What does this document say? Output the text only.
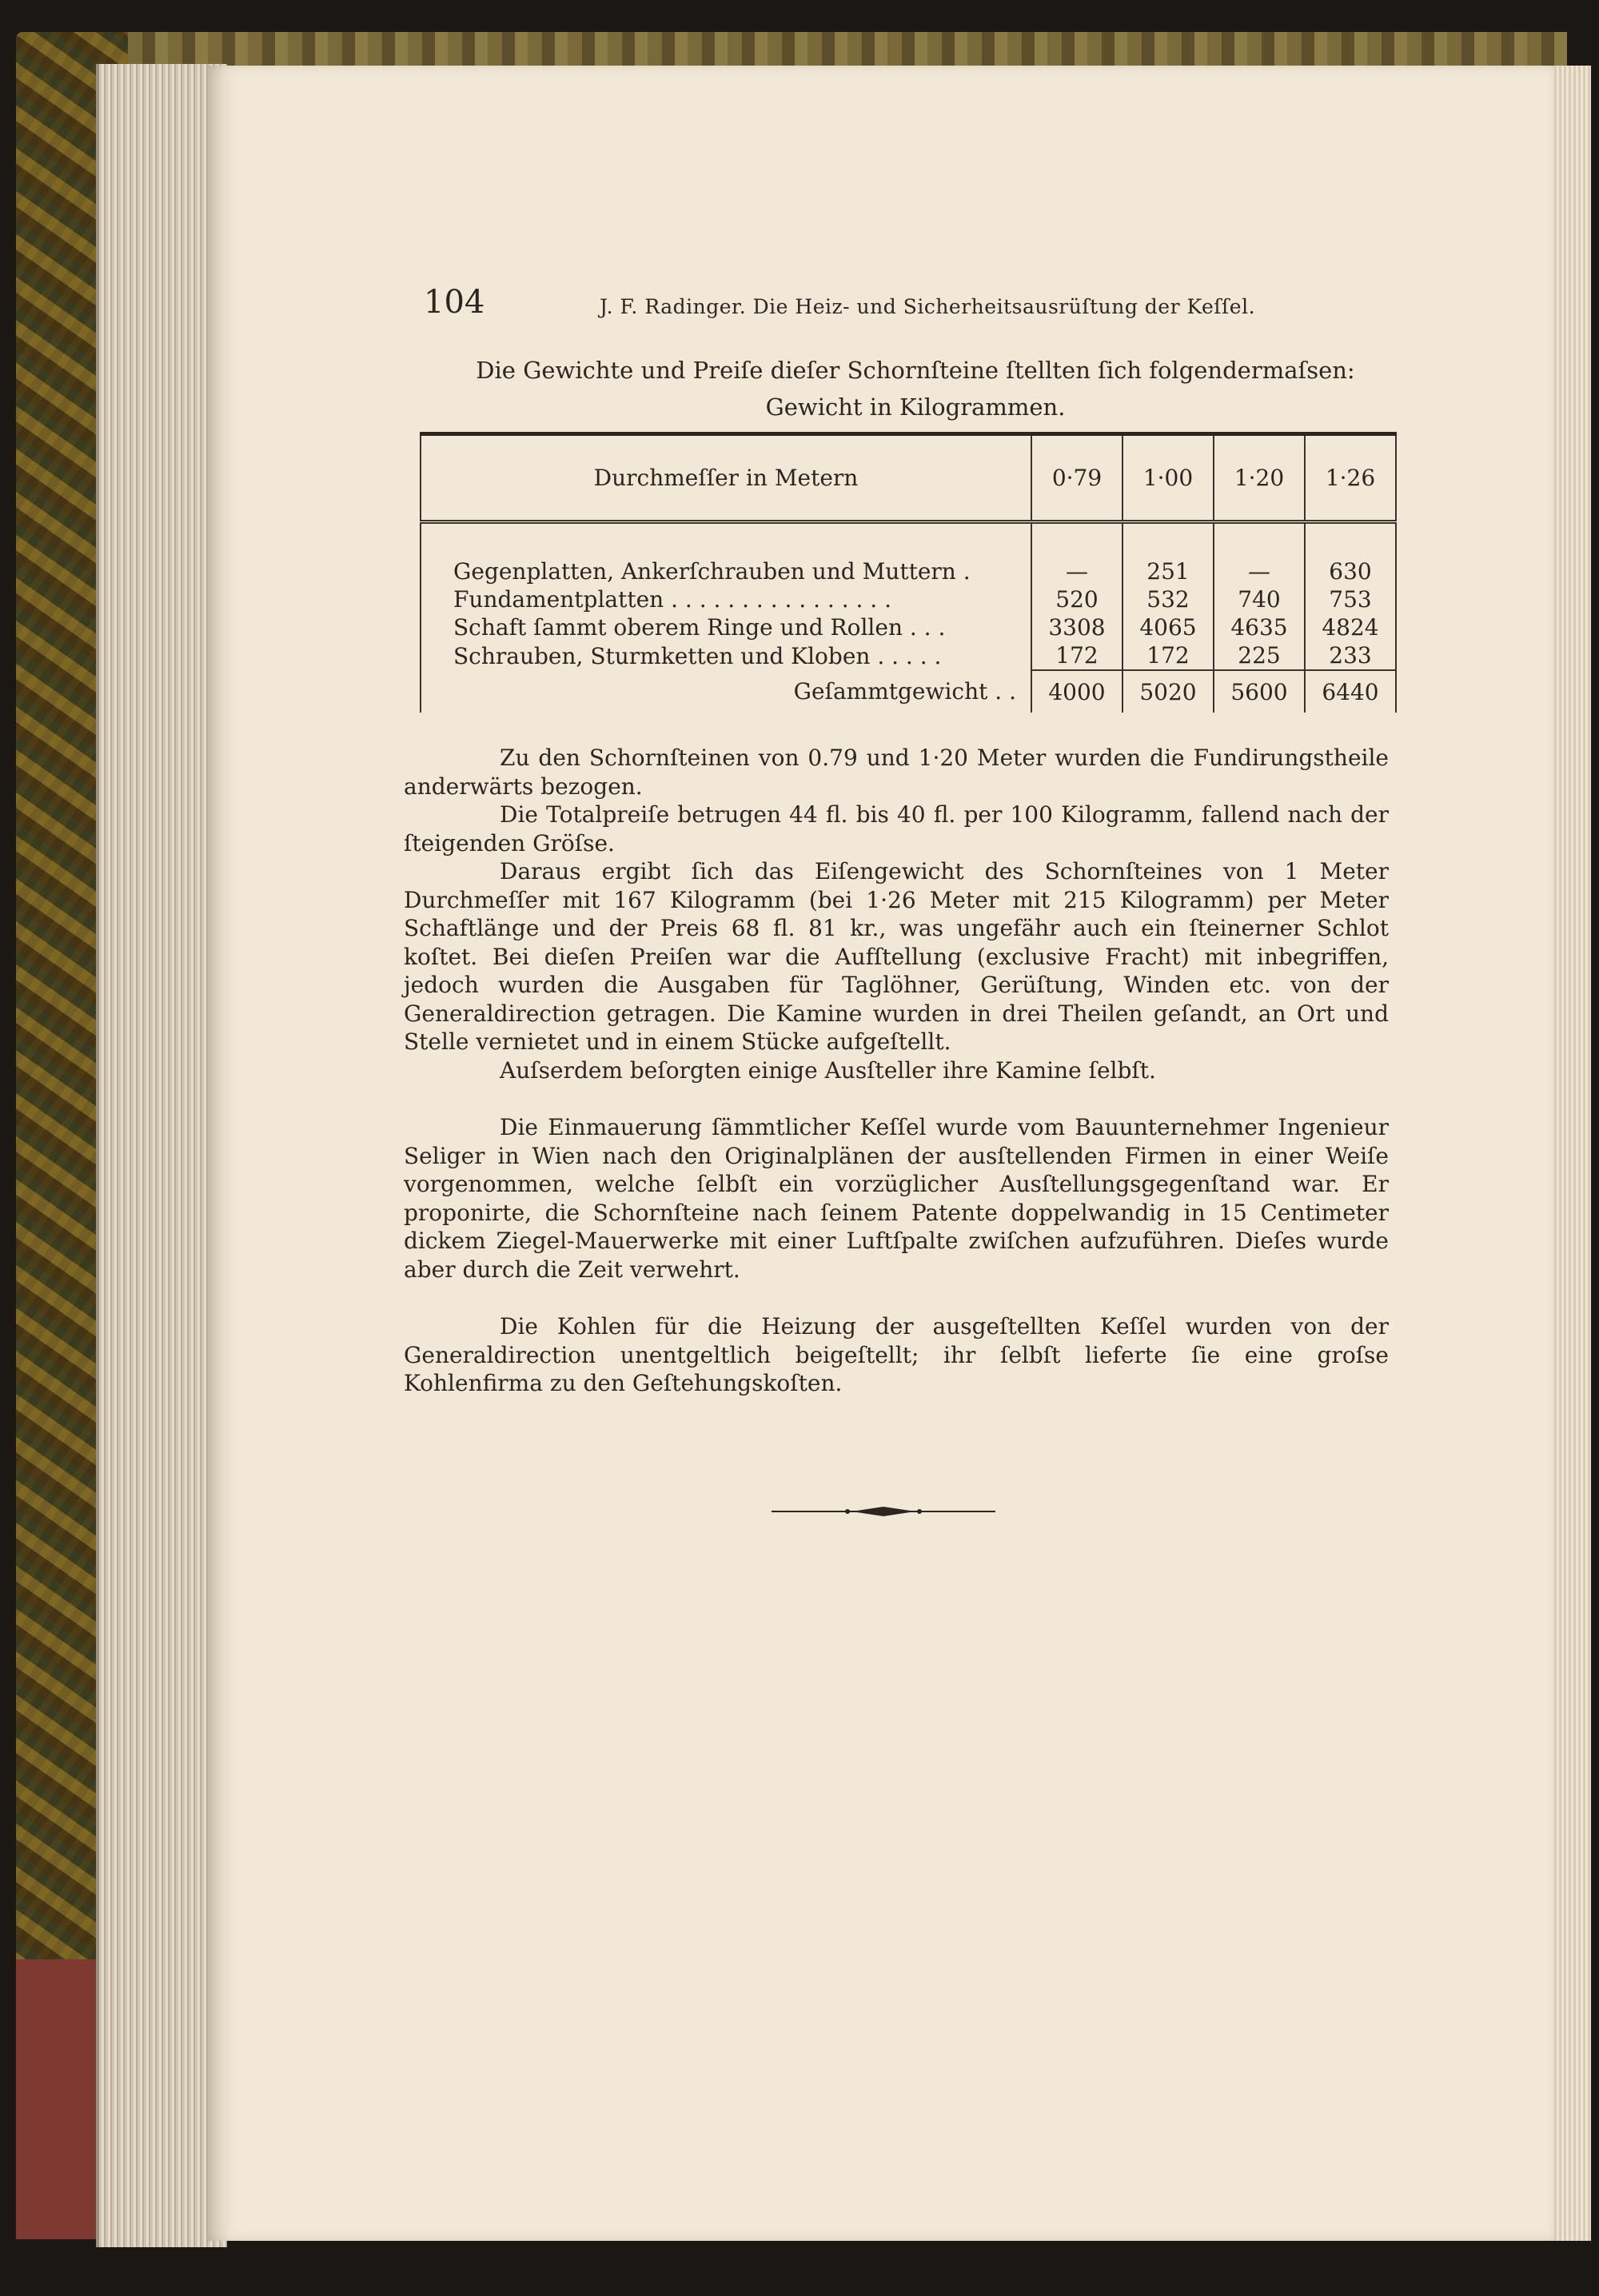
104	J. F. Radinger. Die Heiz- und Sicherheitsausrüſtung der Keſſel.
Die Gewichte und Preiſe dieſer Schornſteine ſtellten ſich folgendermaſsen:
Gewicht in Kilogrammen.
Durchmeſſer in Metern	0·79	1·00	1·20	1·26
Gegenplatten, Ankerſchrauben und Muttern .	—	251	—	630
Fundamentplatten . . . . . . . . . . . . . . . .	520	532	740	753
Schaft ſammt oberem Ringe und Rollen . . .	3308	4065	4635	4824
Schrauben, Sturmketten und Kloben . . . . .	172	172	225	233
Geſammtgewicht . .	4000	5020	5600	6440

Zu den Schornſteinen von 0.79 und 1·20 Meter wurden die Fundirungstheile anderwärts bezogen.

Die Totalpreiſe betrugen 44 fl. bis 40 fl. per 100 Kilogramm, fallend nach der ſteigenden Gröſse.

Daraus ergibt ſich das Eiſengewicht des Schornſteines von 1 Meter Durchmeſſer mit 167 Kilogramm (bei 1·26 Meter mit 215 Kilogramm) per Meter Schaftlänge und der Preis 68 fl. 81 kr., was ungefähr auch ein ſteinerner Schlot koſtet. Bei dieſen Preiſen war die Aufſtellung (exclusive Fracht) mit inbegriffen, jedoch wurden die Ausgaben für Taglöhner, Gerüſtung, Winden etc. von der Generaldirection getragen. Die Kamine wurden in drei Theilen geſandt, an Ort und Stelle vernietet und in einem Stücke aufgeſtellt.

Auſserdem beſorgten einige Ausſteller ihre Kamine ſelbſt.

Die Einmauerung ſämmtlicher Keſſel wurde vom Bauunternehmer Ingenieur Seliger in Wien nach den Originalplänen der ausſtellenden Firmen in einer Weiſe vorgenommen, welche ſelbſt ein vorzüglicher Ausſtellungsgegenſtand war. Er proponirte, die Schornſteine nach ſeinem Patente doppelwandig in 15 Centimeter dickem Ziegel-Mauerwerke mit einer Luftſpalte zwiſchen aufzuführen. Dieſes wurde aber durch die Zeit verwehrt.

Die Kohlen für die Heizung der ausgeſtellten Keſſel wurden von der Generaldirection unentgeltlich beigeſtellt; ihr ſelbſt lieferte ſie eine groſse Kohlenfirma zu den Geſtehungskoſten.
